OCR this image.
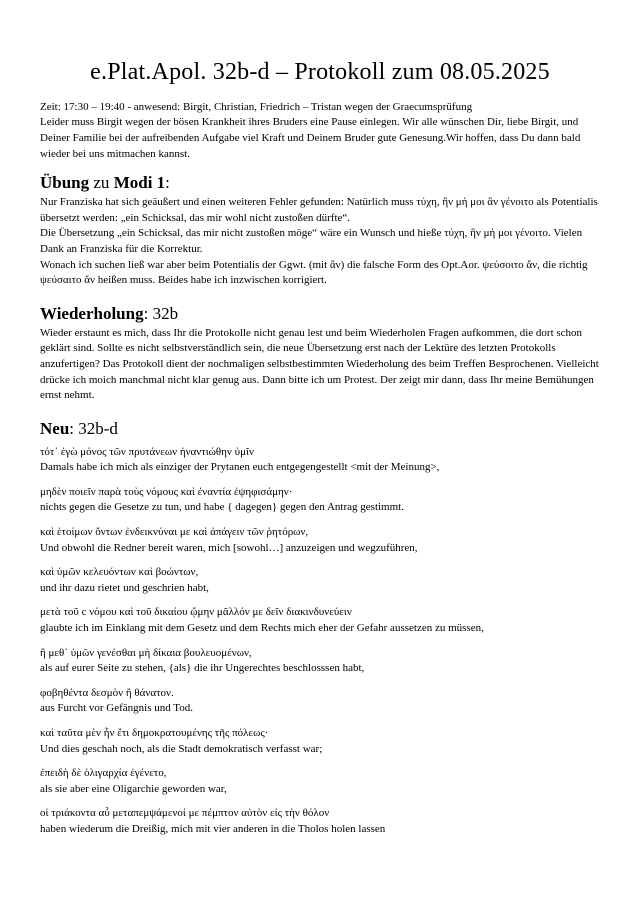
e.Plat.Apol. 32b-d – Protokoll zum 08.05.2025

Zeit: 17:30 – 19:40 - anwesend: Birgit, Christian, Friedrich – Tristan wegen der Graecumsprüfung

Leider muss Birgit wegen der bösen Krankheit ihres Bruders eine Pause einlegen. Wir alle wünschen Dir, liebe Birgit, und Deiner Familie bei der aufreibenden Aufgabe viel Kraft und Deinem Bruder gute Genesung.Wir hoffen, dass Du dann bald wieder bei uns mitmachen kannst.

Übung zu Modi 1:

Nur Franziska hat sich geäußert und einen weiteren Fehler gefunden: Natürlich muss τύχη, ἣν μή μοι ἂν γένοιτο als Potentialis übersetzt werden: „ein Schicksal, das mir wohl nicht zustoßen dürfte“.

Die Übersetzung „ein Schicksal, das mir nicht zustoßen möge“ wäre ein Wunsch und hieße τύχη, ἣν μή μοι γένοιτο. Vielen Dank an Franziska für die Korrektur.

Wonach ich suchen ließ war aber beim Potentialis der Ggwt. (mit ἄν) die falsche Form des Opt.Aor. ψεύσοιτο ἄν, die richtig ψεύσαιτο ἄν heißen muss. Beides habe ich inzwischen korrigiert.

Wiederholung: 32b

Wieder erstaunt es mich, dass Ihr die Protokolle nicht genau lest und beim Wiederholen Fragen aufkommen, die dort schon geklärt sind. Sollte es nicht selbstverständlich sein, die neue Übersetzung erst nach der Lektüre des letzten Protokolls anzufertigen? Das Protokoll dient der nochmaligen selbstbestimmten Wiederholung des beim Treffen Besprochenen. Vielleicht drücke ich moich manchmal nicht klar genug aus. Dann bitte ich um Protest. Der zeigt mir dann, dass Ihr meine Bemühungen ernst nehmt.

Neu: 32b-d
τότ᾽ ἐγὼ μόνος τῶν πρυτάνεων ἠναντιώθην ὑμῖν
Damals habe ich mich als einziger der Prytanen euch entgegengestellt <mit der Meinung>,
μηδὲν ποιεῖν παρὰ τοὺς νόμους καὶ ἐναντία ἐψηφισάμην·
nichts gegen die Gesetze zu tun, und habe { dagegen} gegen den Antrag gestimmt.
καὶ ἑτοίμων ὄντων ἐνδεικνύναι με καὶ ἀπάγειν τῶν ῥητόρων,
Und obwohl die Redner bereit waren, mich [sowohl…] anzuzeigen und wegzuführen,
καὶ ὑμῶν κελευόντων καὶ βοώντων,
und ihr dazu rietet und geschrien habt,
μετὰ τοῦ c νόμου καὶ τοῦ δικαίου ᾤμην μᾶλλόν με δεῖν διακινδυνεύειν
glaubte ich im Einklang mit dem Gesetz und dem Rechts mich eher der Gefahr aussetzen zu müssen,
ἢ μεθ᾽ ὑμῶν γενέσθαι μὴ δίκαια βουλευομένων,
als auf eurer Seite zu stehen, {als} die ihr Ungerechtes beschlosssen habt,
φοβηθέντα δεσμὸν ἢ θάνατον.
aus Furcht vor Gefängnis und Tod.
καὶ ταῦτα μὲν ἦν ἔτι δημοκρατουμένης τῆς πόλεως·
Und dies geschah noch, als die Stadt demokratisch verfasst war;
ἐπειδὴ δὲ ὀλιγαρχία ἐγένετο,
als sie aber eine Oligarchie geworden war,
οἱ τριάκοντα αὖ μεταπεμψάμενοί με πέμπτον αὐτὸν εἰς τὴν θόλον
haben wiederum die Dreißig, mich mit vier anderen in die Tholos holen lassen
